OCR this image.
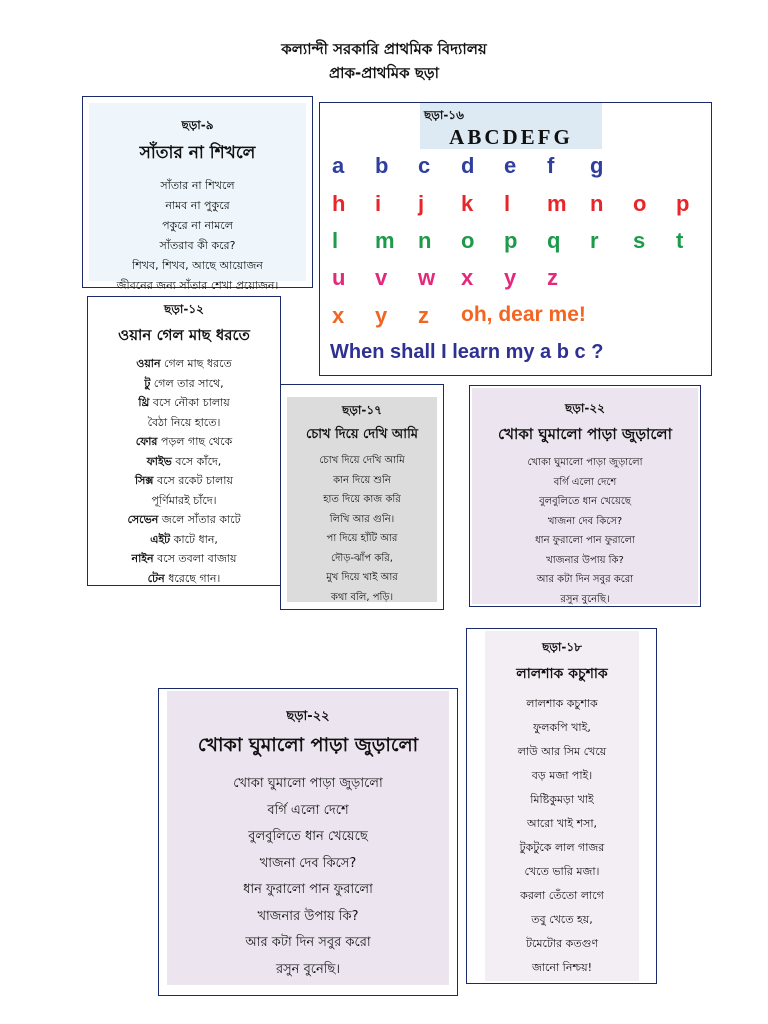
কল্যান্দী সরকারি প্রাথমিক বিদ্যালয়
প্রাক-প্রাথমিক ছড়া
ছড়া-৯
সাঁতার না শিখলে
সাঁতার না শিখলে
নামব না পুকুরে
পকুরে না নামলে
সাঁতরাব কী করে?
শিখব, শিখব, আছে আয়োজন
জীবনের জন্য সাঁতার শেখা প্রয়োজন।
ছড়া-১৬
ABCDEFG
a b c d e f g
h i j k l m n o p
l m n o p q r s t
u v w x y z
x y z oh, dear me!
When shall I learn my a b c ?
ছড়া-১২
ওয়ান গেল মাছ ধরতে
ওয়ান গেল মাছ ধরতে
টু গেল তার সাথে,
থ্রি বসে নৌকা চালায়
বৈঠা নিয়ে হাতে।
ফোর পড়ল গাছ থেকে
ফাইভ বসে কাঁদে,
সিক্স বসে রকেট চালায়
পূর্ণিমারই চাঁদে।
সেভেন জলে সাঁতার কাটে
এইট কাটে ধান,
নাইন বসে তবলা বাজায়
টেন ধরেছে গান।
ছড়া-১৭
চোখ দিয়ে দেখি আমি
চোখ দিয়ে দেখি আমি
কান দিয়ে শুনি
হাত দিয়ে কাজ করি
লিখি আর গুনি।
পা দিয়ে হাঁটি আর
দৌড়-ঝাঁপ করি,
মুখ দিয়ে খাই আর
কথা বলি, পড়ি।
ছড়া-২২
খোকা ঘুমালো পাড়া জুড়ালো
খোকা ঘুমালো পাড়া জুড়ালো
বর্গি এলো দেশে
বুলবুলিতে ধান খেয়েছে
খাজনা দেব কিসে?
ধান ফুরালো পান ফুরালো
খাজনার উপায় কি?
আর কটা দিন সবুর করো
রসুন বুনেছি।
ছড়া-১৮
লালশাক কচুশাক
লালশাক কচুশাক
ফুলকপি খাই,
লাউ আর সিম খেয়ে
বড় মজা পাই।
মিষ্টিকুমড়া খাই
আরো খাই শসা,
টুকটুকে লাল গাজর
খেতে ভারি মজা।
করলা তেঁতো লাগে
তবু খেতে হয়,
টমেটোর কতগুণ
জানো নিশ্চয়!
ছড়া-২২
খোকা ঘুমালো পাড়া জুড়ালো
খোকা ঘুমালো পাড়া জুড়ালো
বর্গি এলো দেশে
বুলবুলিতে ধান খেয়েছে
খাজনা দেব কিসে?
ধান ফুরালো পান ফুরালো
খাজনার উপায় কি?
আর কটা দিন সবুর করো
রসুন বুনেছি।
